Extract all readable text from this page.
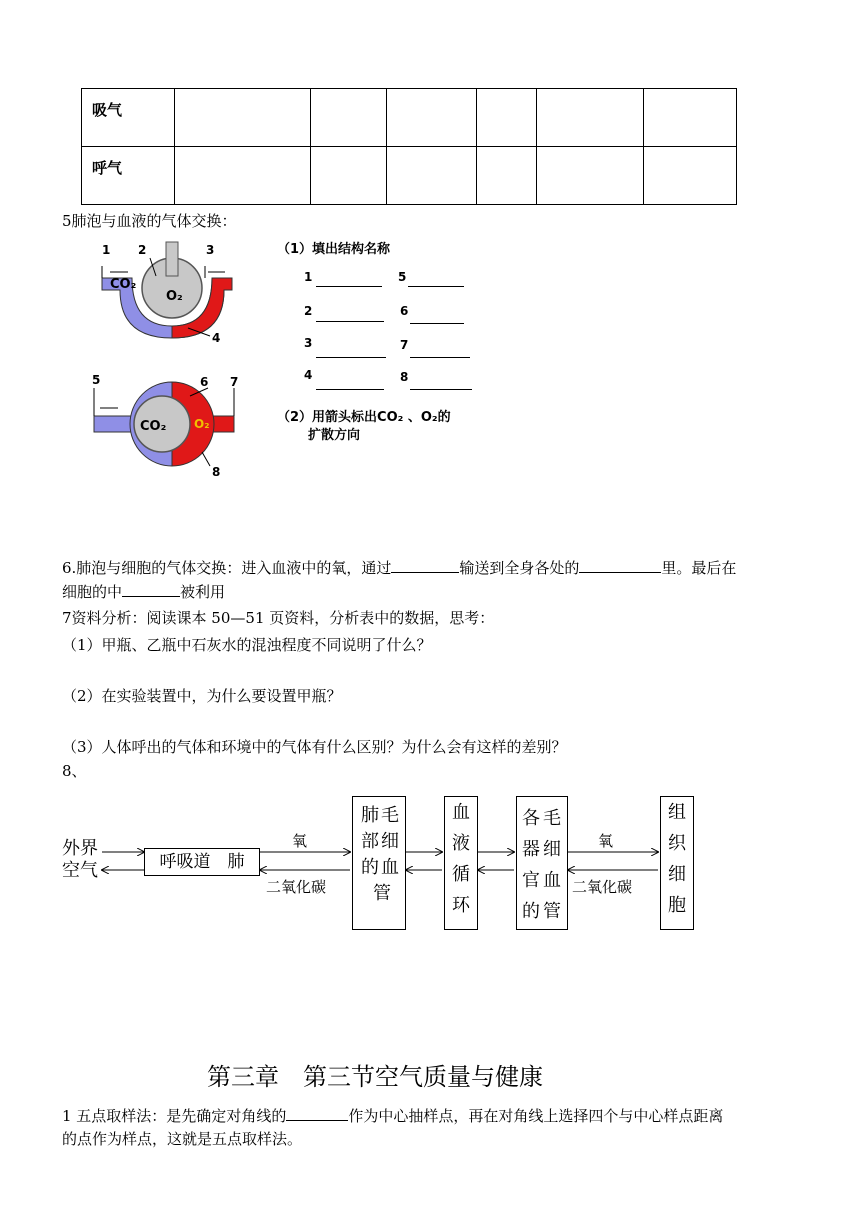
吸气						
呼气						
5肺泡与血液的气体交换：
CO₂
O₂
1 2	3
4
CO₂ O₂
5	6 7
8
（1）填出结构名称
1	5
2	6
3	7
4	8
（2）用箭头标出CO₂ 、O₂的
扩散方向
6.肺泡与细胞的气体交换：进入血液中的氧，通过	输送到全身各处的	里。最后在
细胞的中	被利用
7资料分析：阅读课本 50—51 页资料，分析表中的数据，思考：
（1）甲瓶、乙瓶中石灰水的混浊程度不同说明了什么？
（2）在实验装置中，为什么要设置甲瓶？
（3）人体呼出的气体和环境中的气体有什么区别？为什么会有这样的差别？
8、
外界
空气	呼吸道　肺
氧
二氧化碳
肺
部
的
管
毛
细
血
血
液
循
环
各
器
官
的
毛
细
血
管
氧
二氧化碳
组
织
细
胞
第三章　第三节空气质量与健康
1 五点取样法：是先确定对角线的	作为中心抽样点，再在对角线上选择四个与中心样点距离
的点作为样点，这就是五点取样法。
